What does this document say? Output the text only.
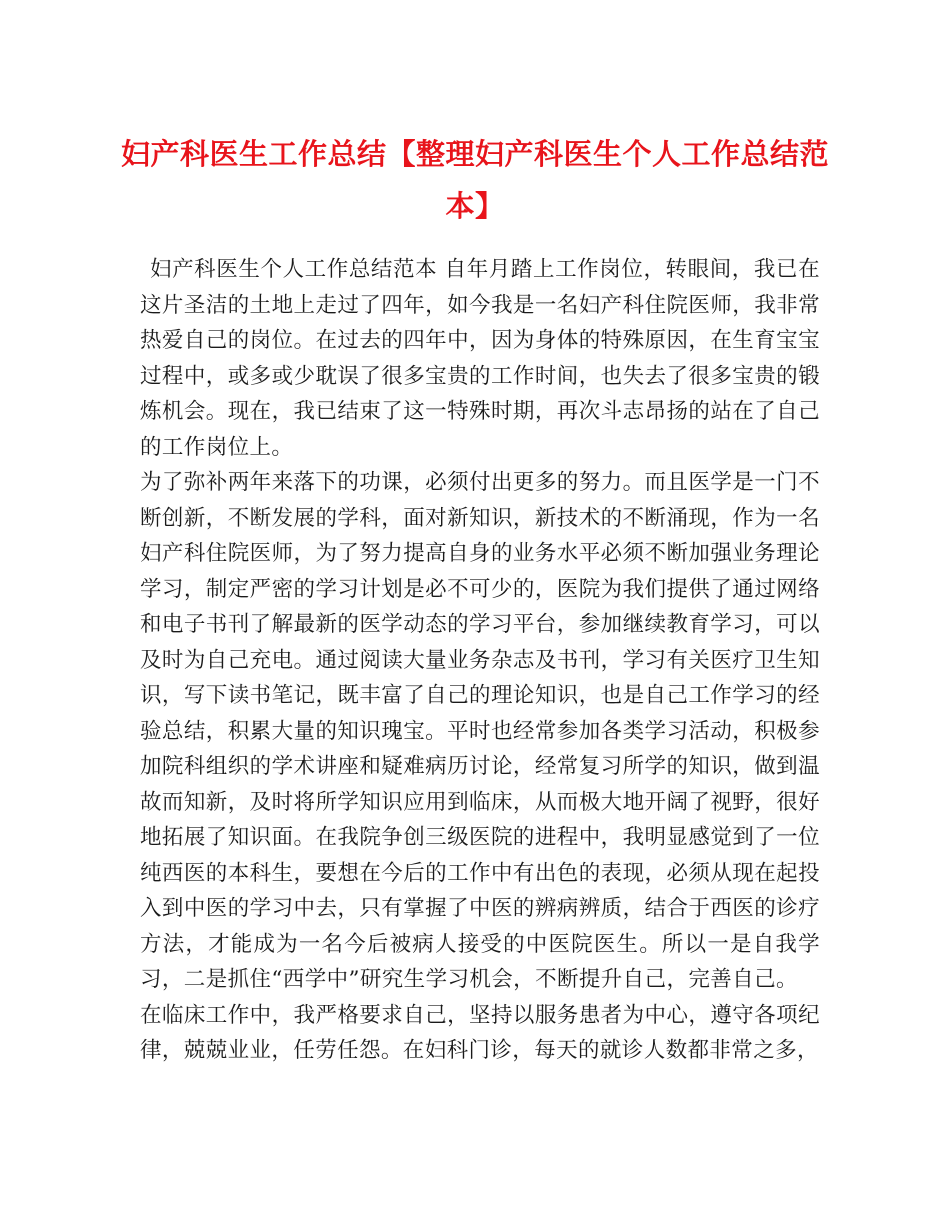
妇产科医生工作总结【整理妇产科医生个人工作总结范本】

妇产科医生个人工作总结范本 自年月踏上工作岗位，转眼间，我已在这片圣洁的土地上走过了四年，如今我是一名妇产科住院医师，我非常热爱自己的岗位。在过去的四年中，因为身体的特殊原因，在生育宝宝过程中，或多或少耽误了很多宝贵的工作时间，也失去了很多宝贵的锻炼机会。现在，我已结束了这一特殊时期，再次斗志昂扬的站在了自己的工作岗位上。

为了弥补两年来落下的功课，必须付出更多的努力。而且医学是一门不断创新，不断发展的学科，面对新知识，新技术的不断涌现，作为一名妇产科住院医师，为了努力提高自身的业务水平必须不断加强业务理论学习，制定严密的学习计划是必不可少的，医院为我们提供了通过网络和电子书刊了解最新的医学动态的学习平台，参加继续教育学习，可以及时为自己充电。通过阅读大量业务杂志及书刊，学习有关医疗卫生知识，写下读书笔记，既丰富了自己的理论知识，也是自己工作学习的经验总结，积累大量的知识瑰宝。平时也经常参加各类学习活动，积极参加院科组织的学术讲座和疑难病历讨论，经常复习所学的知识，做到温故而知新，及时将所学知识应用到临床，从而极大地开阔了视野，很好地拓展了知识面。在我院争创三级医院的进程中，我明显感觉到了一位纯西医的本科生，要想在今后的工作中有出色的表现，必须从现在起投入到中医的学习中去，只有掌握了中医的辨病辨质，结合于西医的诊疗方法，才能成为一名今后被病人接受的中医院医生。所以一是自我学习，二是抓住“西学中”研究生学习机会，不断提升自己，完善自己。

在临床工作中，我严格要求自己，坚持以服务患者为中心，遵守各项纪律，兢兢业业，任劳任怨。在妇科门诊，每天的就诊人数都非常之多，
